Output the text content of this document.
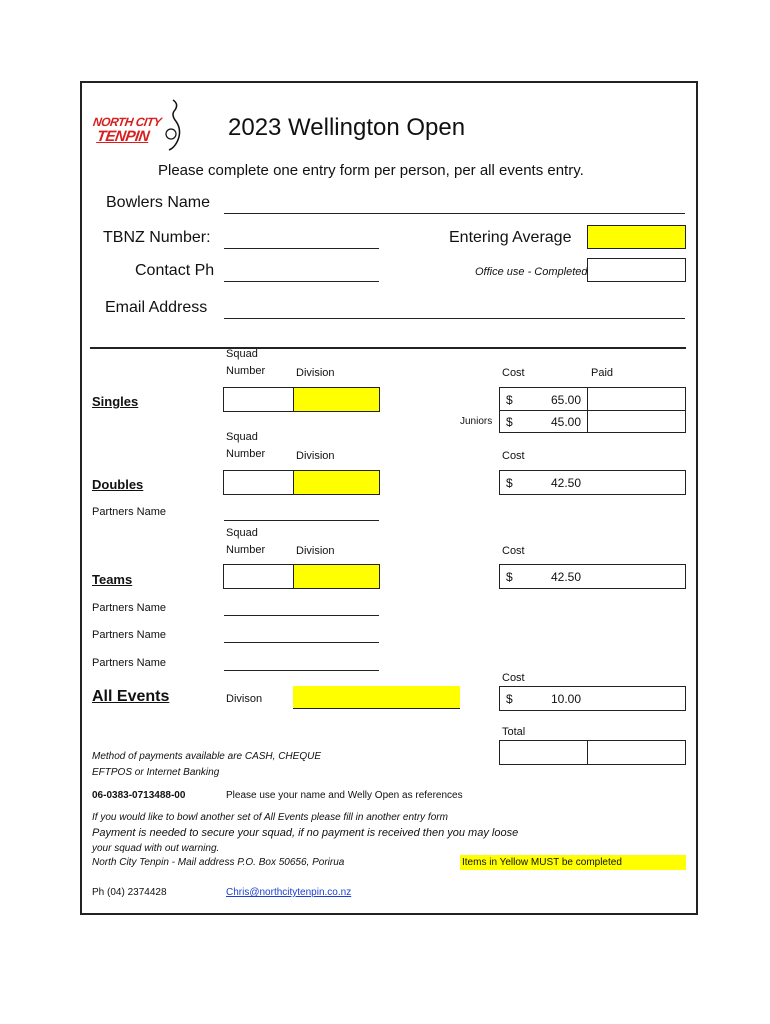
NORTH CITY
TENPIN	2023 Wellington Open
Please complete one entry form per person, per all events entry.
Bowlers Name
TBNZ Number:	Entering Average
Contact Ph	Office use - Completed
Email Address
Squad
Number	Division	Cost	Paid
Singles	$	65.00
Juniors $	45.00
Squad
Number	Division	Cost
Doubles	$	42.50
Partners Name
Squad
Number	Division	Cost
Teams	$	42.50
Partners Name
Partners Name
Partners Name
Cost
All Events	Divison	$	10.00
Total
Method of payments available are CASH, CHEQUE
EFTPOS or Internet Banking
06-0383-0713488-00	Please use your name and Welly Open as references
If you would like to bowl another set of All Events please fill in another entry form
Payment is needed to secure your squad, if no payment is received then you may loose
your squad with out warning.
North City Tenpin - Mail address P.O. Box 50656, Porirua	Items in Yellow MUST be completed
Ph (04) 2374428	Chris@northcitytenpin.co.nz
